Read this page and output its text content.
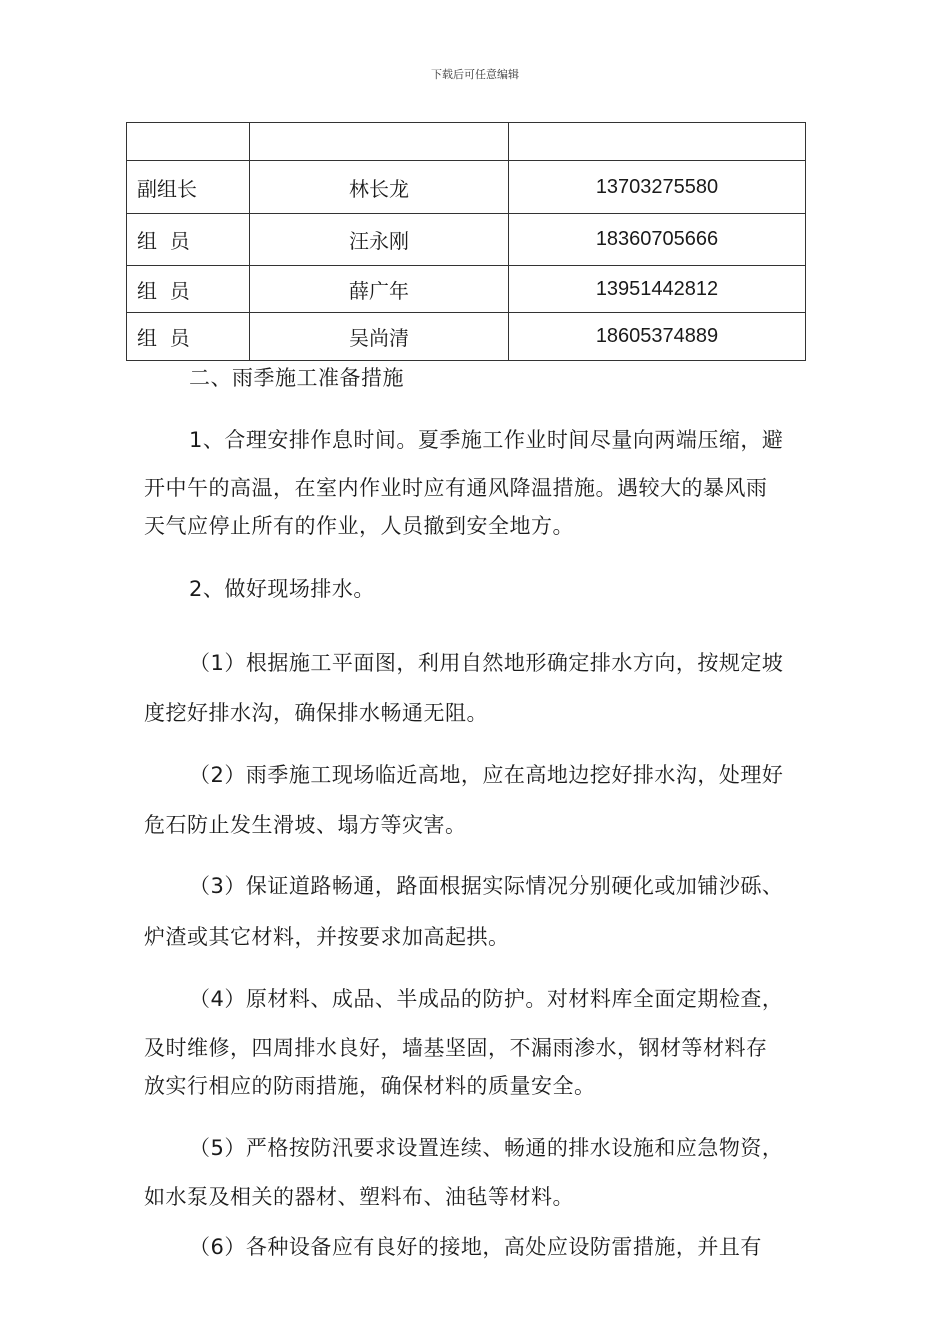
下载后可任意编辑

副组长	林长龙	13703275580
组  员	汪永刚	18360705666
组  员	薛广年	13951442812
组  员	吴尚清	18605374889
二、雨季施工准备措施
1、合理安排作息时间。夏季施工作业时间尽量向两端压缩，避
开中午的高温，在室内作业时应有通风降温措施。遇较大的暴风雨
天气应停止所有的作业，人员撤到安全地方。
2、做好现场排水。
（1）根据施工平面图，利用自然地形确定排水方向，按规定坡
度挖好排水沟，确保排水畅通无阻。
（2）雨季施工现场临近高地，应在高地边挖好排水沟，处理好
危石防止发生滑坡、塌方等灾害。
（3）保证道路畅通，路面根据实际情况分别硬化或加铺沙砾、
炉渣或其它材料，并按要求加高起拱。
（4）原材料、成品、半成品的防护。对材料库全面定期检查，
及时维修，四周排水良好，墙基坚固，不漏雨渗水，钢材等材料存
放实行相应的防雨措施，确保材料的质量安全。
（5）严格按防汛要求设置连续、畅通的排水设施和应急物资，
如水泵及相关的器材、塑料布、油毡等材料。
（6）各种设备应有良好的接地，高处应设防雷措施，并且有
